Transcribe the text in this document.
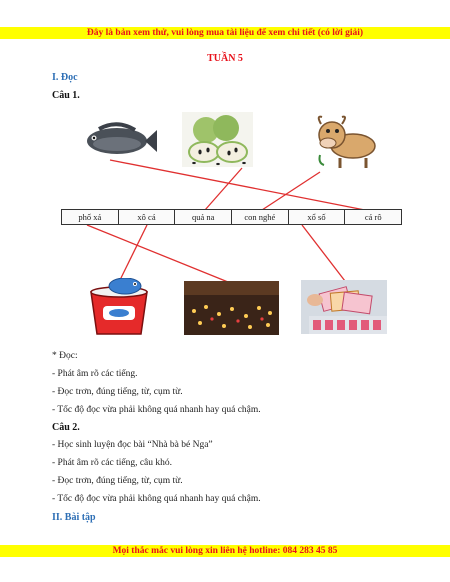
Đây là bản xem thử, vui lòng mua tài liệu để xem chi tiết (có lời giải)
TUẦN 5
I. Đọc
Câu 1.
phố xá	xô cá	quả na	con nghé	xổ số	cá rô
* Đọc:
- Phát âm rõ các tiếng.
- Đọc trơn, đúng tiếng, từ, cụm từ.
- Tốc độ đọc vừa phải không quá nhanh hay quá chậm.
Câu 2.
- Học sinh luyện đọc bài “Nhà bà bé Nga”
- Phát âm rõ các tiếng, câu khó.
- Đọc trơn, đúng tiếng, từ, cụm từ.
- Tốc độ đọc vừa phải không quá nhanh hay quá chậm.
II. Bài tập
Mọi thắc mắc vui lòng xin liên hệ hotline: 084 283 45 85
